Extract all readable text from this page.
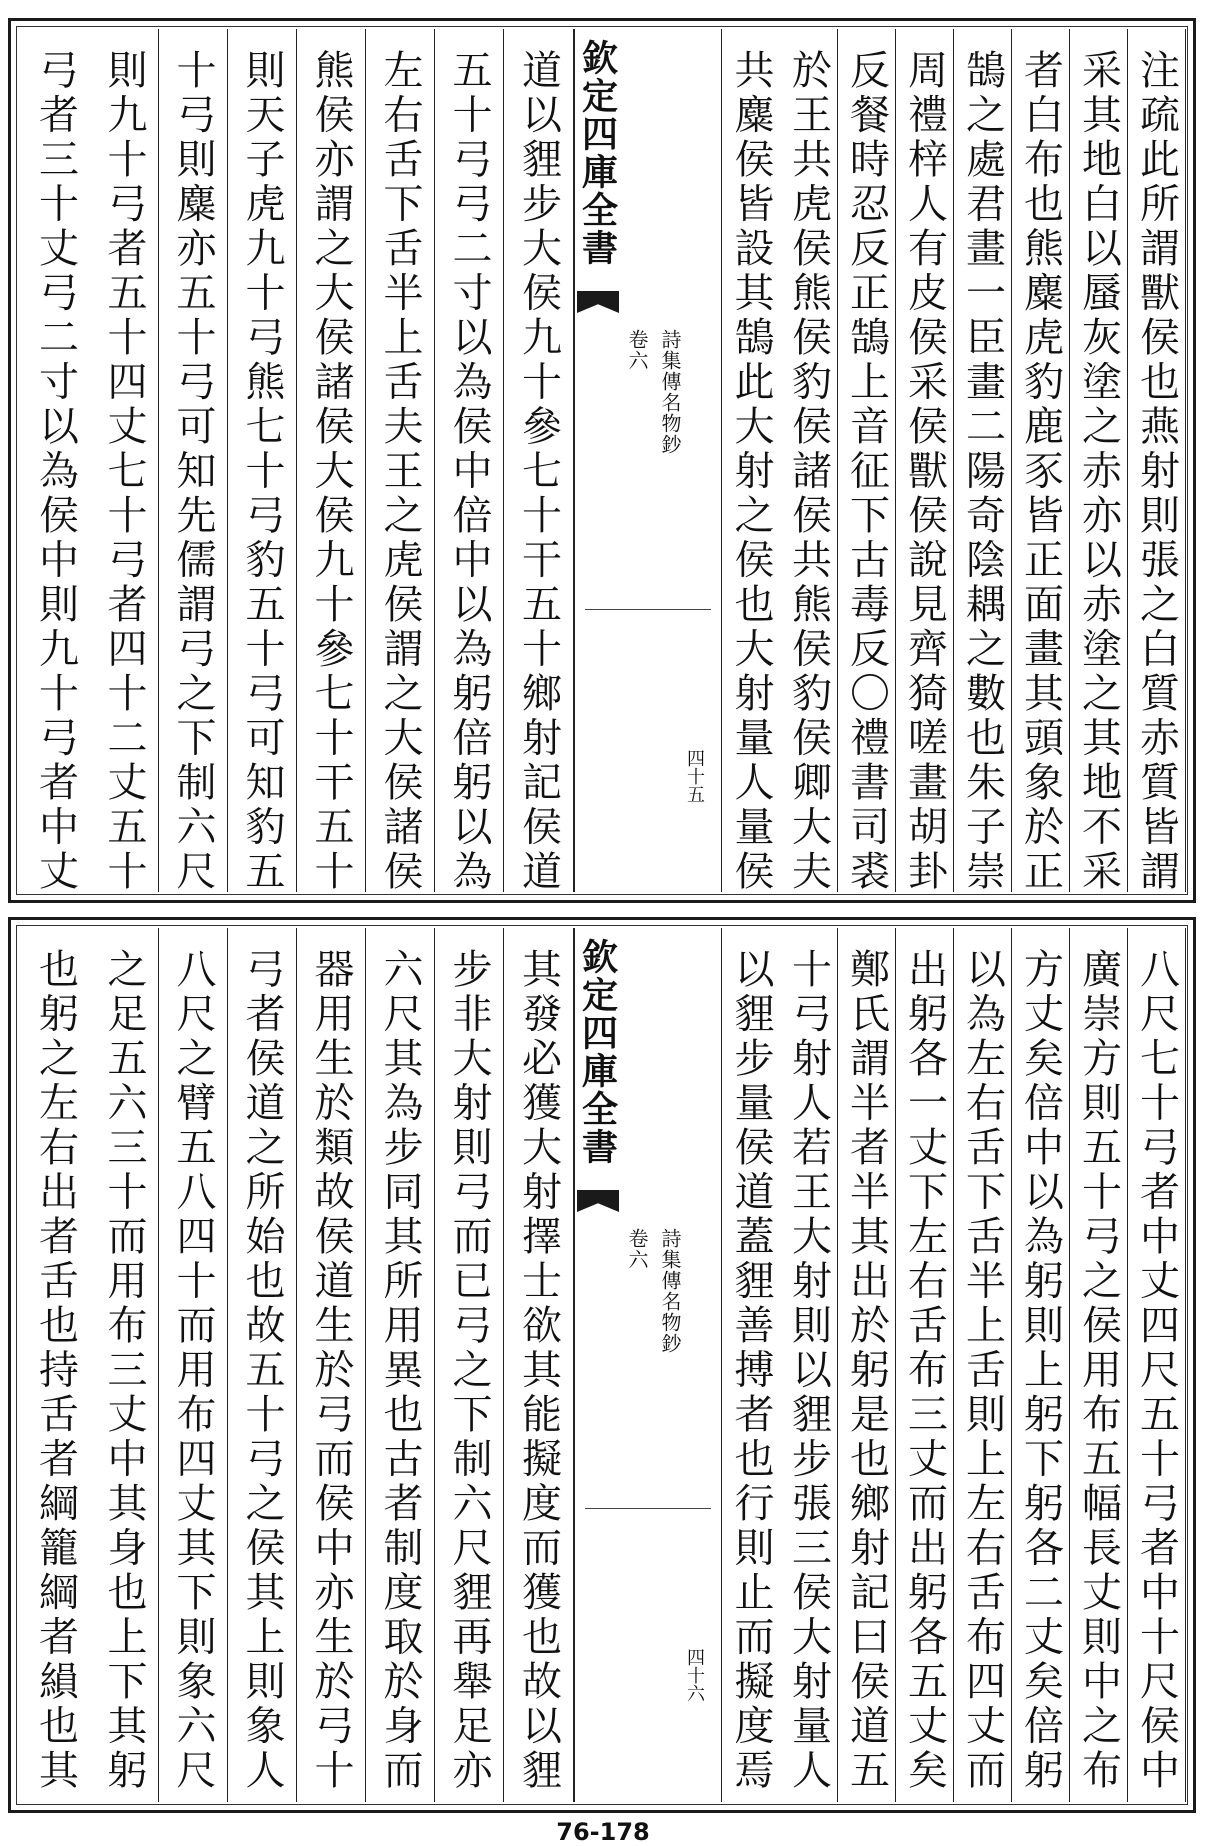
注疏此所謂獸侯也燕射則張之白質赤質皆謂
采其地白以蜃灰塗之赤亦以赤塗之其地不采
者白布也熊麋虎豹鹿豕皆正面畫其頭象於正
鵠之處君畫一臣畫二陽奇陰耦之數也朱子崇
周禮梓人有皮侯采侯獸侯說見齊猗嗟畫胡卦
反餐時忍反正鵠上音征下古毒反〇禮書司裘
於王共虎侯熊侯豹侯諸侯共熊侯豹侯卿大夫
共麋侯皆設其鵠此大射之侯也大射量人量侯
欽定四庫全書
卷六 詩集傳名物鈔
四十五
道以貍步大侯九十參七十干五十鄉射記侯道
五十弓弓二寸以為侯中倍中以為躬倍躬以為
左右舌下舌半上舌夫王之虎侯謂之大侯諸侯
熊侯亦謂之大侯諸侯大侯九十參七十干五十
則天子虎九十弓熊七十弓豹五十弓可知豹五
十弓則麋亦五十弓可知先儒謂弓之下制六尺
則九十弓者五十四丈七十弓者四十二丈五十
弓者三十丈弓二寸以為侯中則九十弓者中丈
八尺七十弓者中丈四尺五十弓者中十尺侯中
廣崇方則五十弓之侯用布五幅長丈則中之布
方丈矣倍中以為躬則上躬下躬各二丈矣倍躬
以為左右舌下舌半上舌則上左右舌布四丈而
出躬各一丈下左右舌布三丈而出躬各五丈矣
鄭氏謂半者半其出於躬是也鄉射記曰侯道五
十弓射人若王大射則以貍步張三侯大射量人
以貍步量侯道蓋貍善搏者也行則止而擬度焉
欽定四庫全書
卷六 詩集傳名物鈔
四十六
其發必獲大射擇士欲其能擬度而獲也故以貍
步非大射則弓而已弓之下制六尺貍再舉足亦
六尺其為步同其所用異也古者制度取於身而
器用生於類故侯道生於弓而侯中亦生於弓十
弓者侯道之所始也故五十弓之侯其上則象人
八尺之臂五八四十而用布四丈其下則象六尺
之足五六三十而用布三丈中其身也上下其躬
也躬之左右出者舌也持舌者綱籠綱者縜也其
76-178
